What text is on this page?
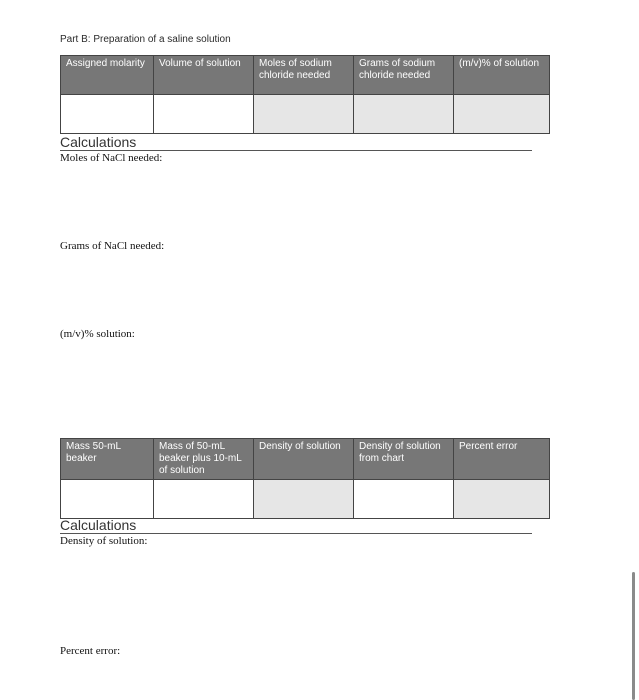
Part B: Preparation of a saline solution
Assigned molarity	Volume of solution	Moles of sodium chloride needed	Grams of sodium chloride needed	(m/v)% of solution

Calculations
Moles of NaCl needed:
Grams of NaCl needed:
(m/v)% solution:
Mass 50-mL beaker	Mass of 50-mL beaker plus 10-mL of solution	Density of solution	Density of solution from chart	Percent error

Calculations
Density of solution:
Percent error:
